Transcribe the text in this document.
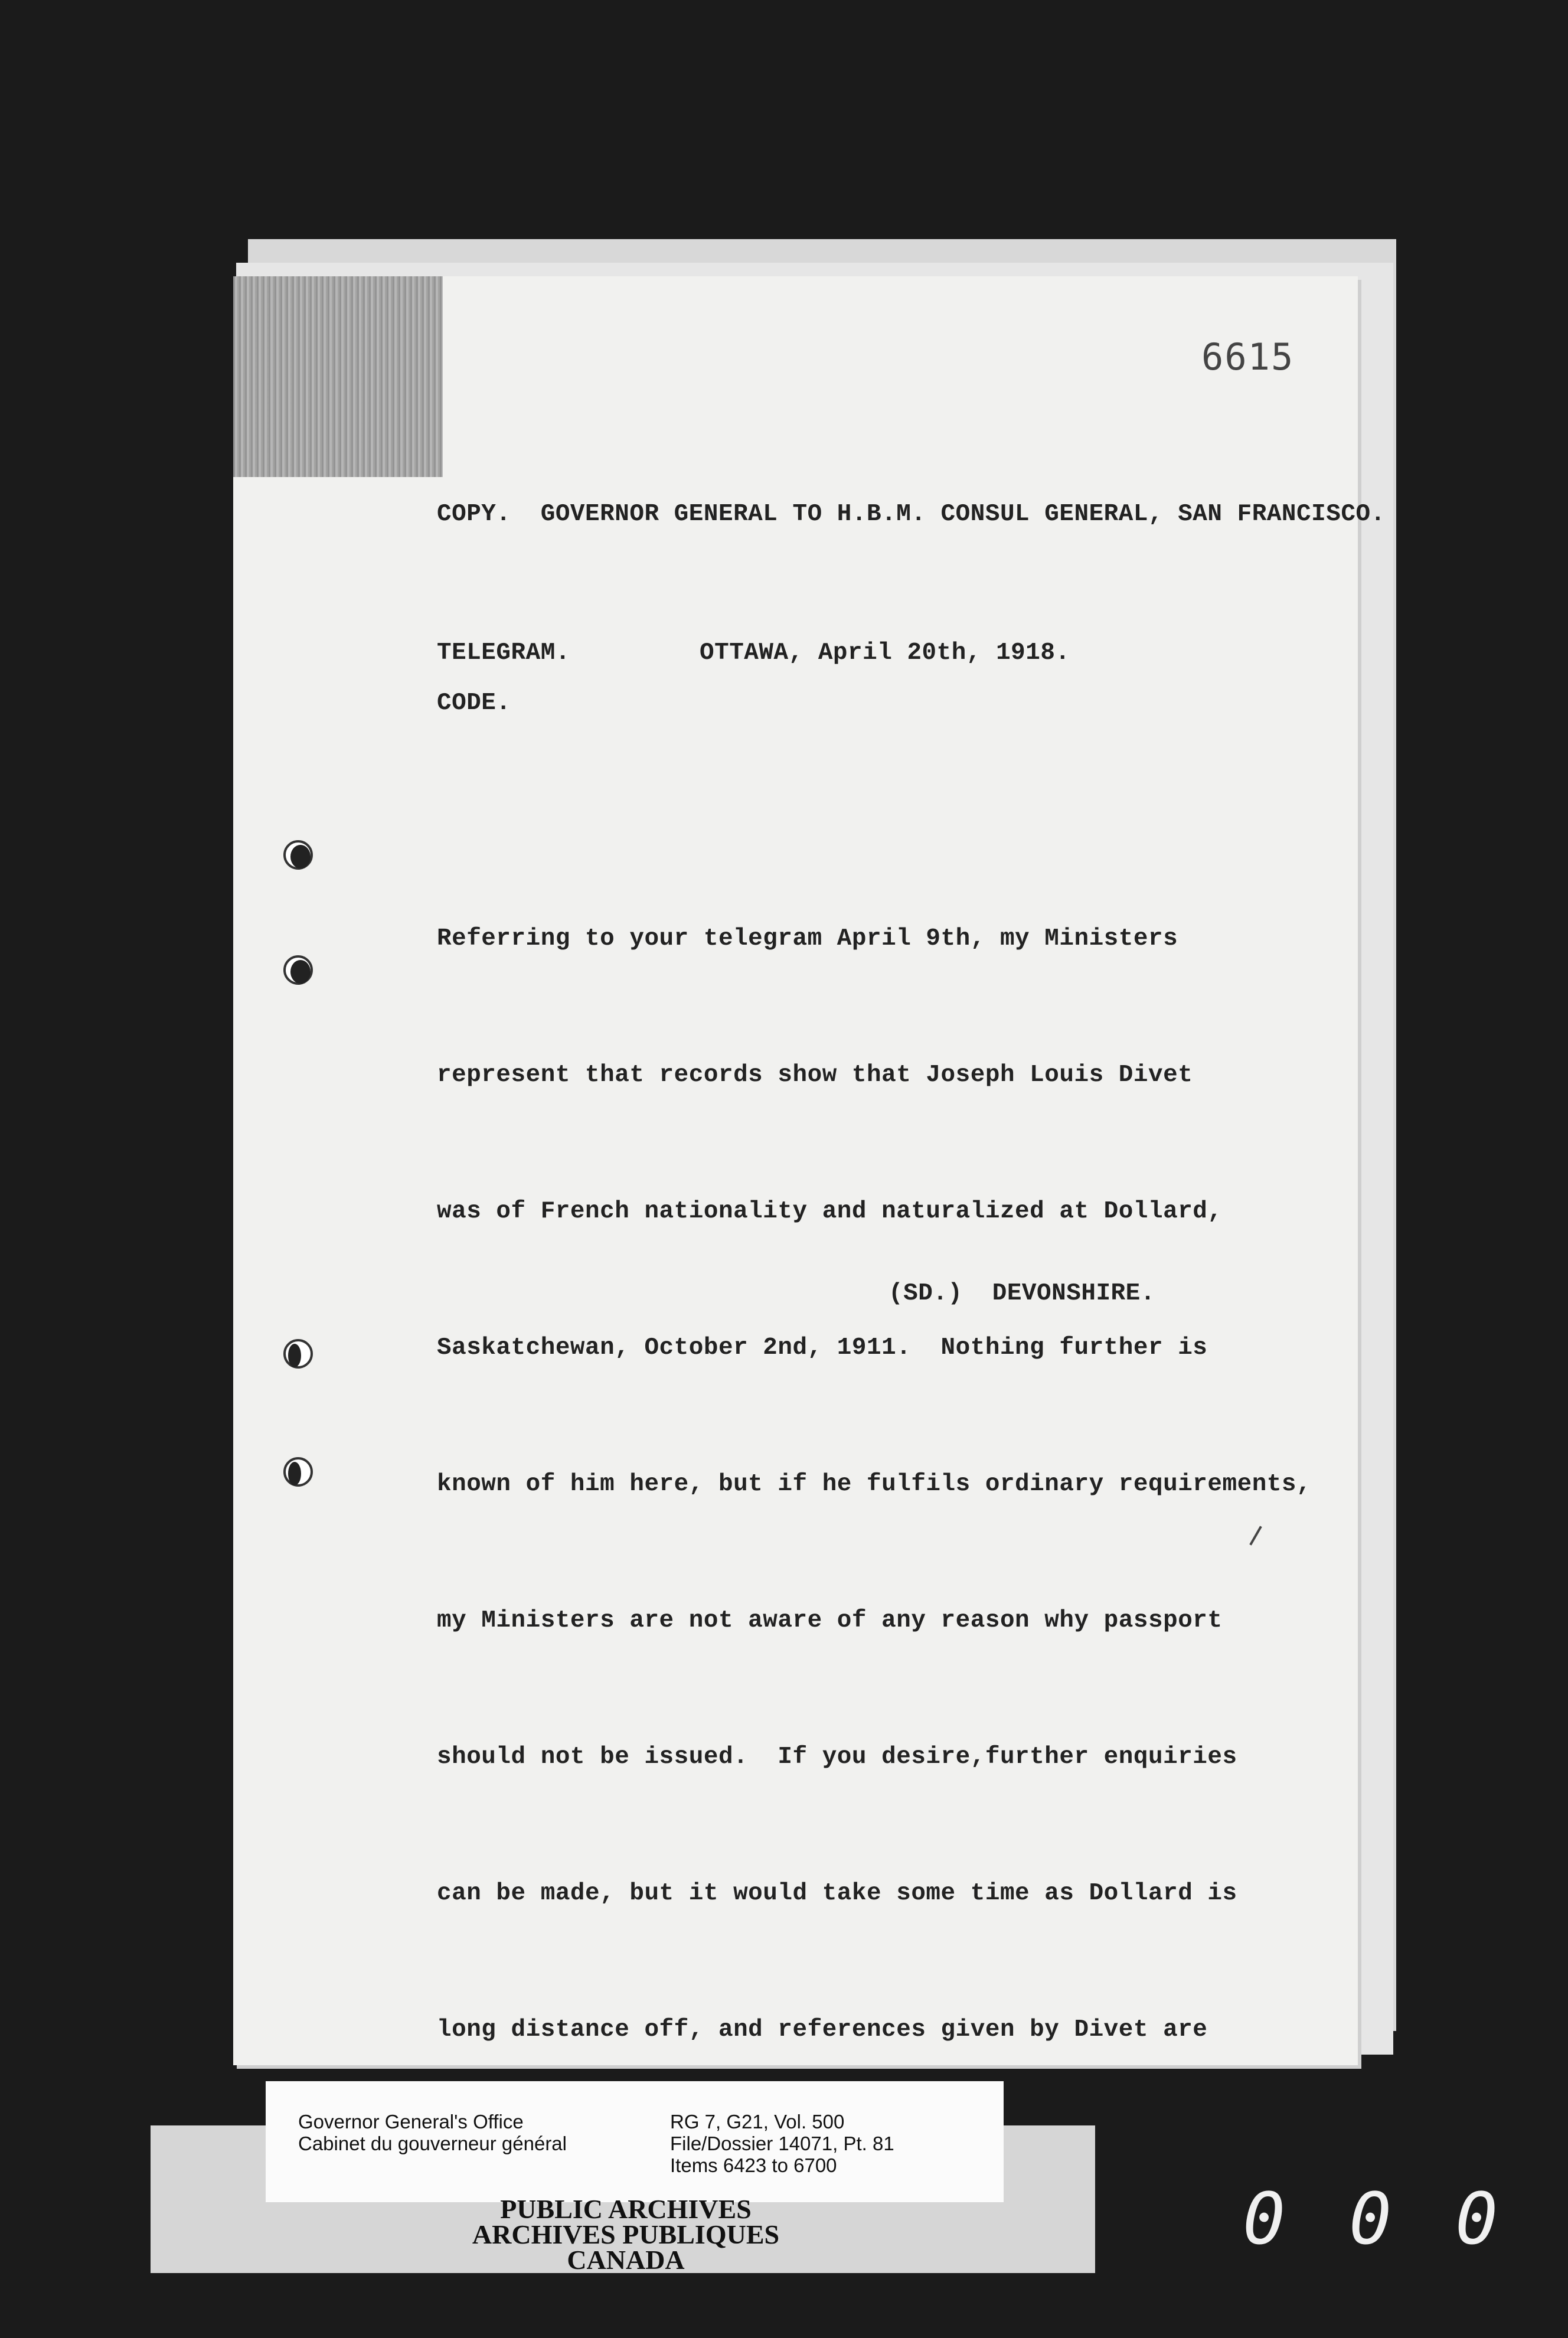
6615
COPY.  GOVERNOR GENERAL TO H.B.M. CONSUL GENERAL, SAN FRANCISCO.
TELEGRAM.	OTTAWA, April 20th, 1918.
CODE.

Referring to your telegram April 9th, my Ministers

represent that records show that Joseph Louis Divet

was of French nationality and naturalized at Dollard,

Saskatchewan, October 2nd, 1911.  Nothing further is

known of him here, but if he fulfils ordinary requirements,

my Ministers are not aware of any reason why passport

should not be issued.  If you desire,further enquiries

can be made, but it would take some time as Dollard is

long distance off, and references given by Divet are

(SD.)  DEVONSHIRE.
Governor General's Office
Cabinet du gouverneur général
RG 7, G21, Vol. 500
File/Dossier 14071, Pt. 81
Items 6423 to 6700
PUBLIC ARCHIVES
ARCHIVES PUBLIQUES
CANADA	0 0 0
